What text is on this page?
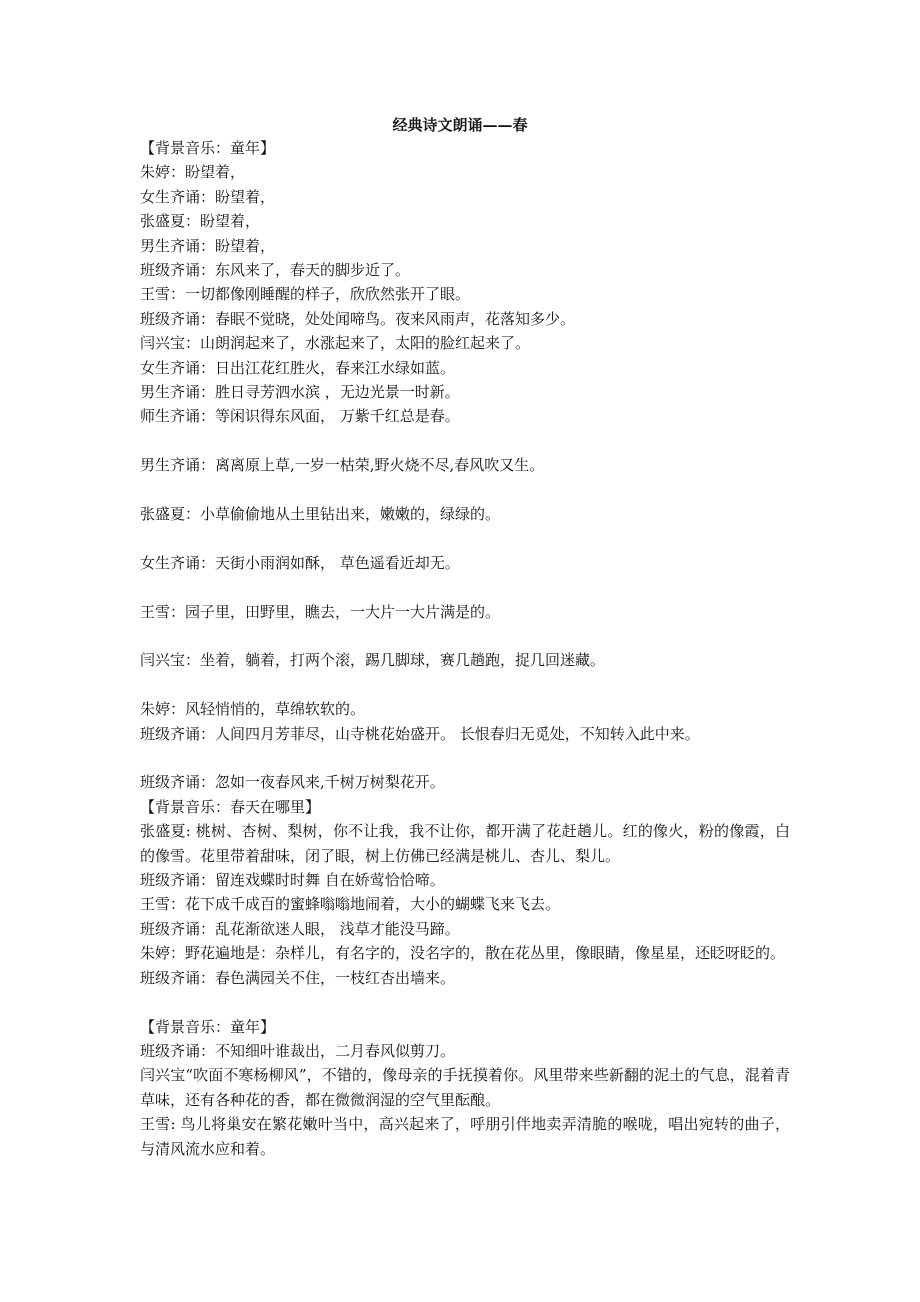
经典诗文朗诵——春
【背景音乐：童年】
朱婷：盼望着，
女生齐诵：盼望着，
张盛夏：盼望着，
男生齐诵：盼望着，
班级齐诵：东风来了，春天的脚步近了。
王雪：一切都像刚睡醒的样子，欣欣然张开了眼。
班级齐诵：春眠不觉晓，处处闻啼鸟。夜来风雨声，花落知多少。
闫兴宝：山朗润起来了，水涨起来了，太阳的脸红起来了。
女生齐诵：日出江花红胜火，春来江水绿如蓝。
男生齐诵：胜日寻芳泗水滨 ，无边光景一时新。
师生齐诵：等闲识得东风面， 万紫千红总是春。
男生齐诵：离离原上草,一岁一枯荣,野火烧不尽,春风吹又生。
张盛夏：小草偷偷地从土里钻出来，嫩嫩的，绿绿的。
女生齐诵：天街小雨润如酥， 草色遥看近却无。
王雪：园子里，田野里，瞧去，一大片一大片满是的。
闫兴宝：坐着，躺着，打两个滚，踢几脚球，赛几趟跑，捉几回迷藏。
朱婷：风轻悄悄的，草绵软软的。
班级齐诵：人间四月芳菲尽，山寺桃花始盛开。 长恨春归无觅处，不知转入此中来。
班级齐诵：忽如一夜春风来,千树万树梨花开。
【背景音乐：春天在哪里】
张盛夏: 桃树、杏树、梨树，你不让我，我不让你，都开满了花赶趟儿。红的像火，粉的像霞，白的像雪。花里带着甜味，闭了眼，树上仿佛已经满是桃儿、杏儿、梨儿。
班级齐诵：留连戏蝶时时舞 自在娇莺恰恰啼。
王雪：花下成千成百的蜜蜂嗡嗡地闹着，大小的蝴蝶飞来飞去。
班级齐诵：乱花渐欲迷人眼， 浅草才能没马蹄。
朱婷：野花遍地是：杂样儿，有名字的，没名字的，散在花丛里，像眼睛，像星星，还眨呀眨的。
班级齐诵：春色满园关不住，一枝红杏出墙来。
【背景音乐：童年】
班级齐诵：不知细叶谁裁出，二月春风似剪刀。
闫兴宝“吹面不寒杨柳风”，不错的，像母亲的手抚摸着你。风里带来些新翻的泥土的气息，混着青草味，还有各种花的香，都在微微润湿的空气里酝酿。
王雪: 鸟儿将巢安在繁花嫩叶当中，高兴起来了，呼朋引伴地卖弄清脆的喉咙，唱出宛转的曲子，与清风流水应和着。
